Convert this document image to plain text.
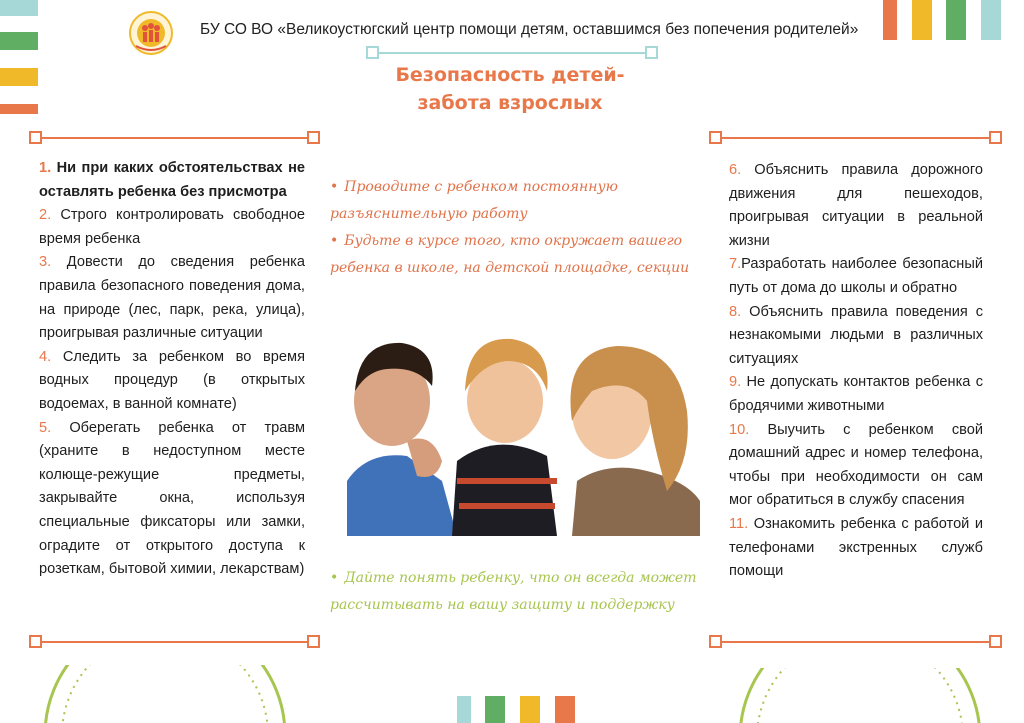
БУ СО ВО «Великоустюгский центр помощи детям, оставшимся без попечения родителей»
Безопасность детей-
забота взрослых

1. Ни при каких обстоятельствах не оставлять ребенка без присмотра

2. Строго контролировать свободное время ребенка

3. Довести до сведения ребенка правила безопасного поведения дома, на природе (лес, парк, река, улица), проигрывая различные ситуации

4. Следить за ребенком во время водных процедур (в открытых водоемах, в ванной комнате)

5. Оберегать ребенка от травм (храните в недоступном месте колюще-режущие предметы, закрывайте окна, используя специальные фиксаторы или замки, оградите от открытого доступа к розеткам, бытовой химии, лекарствам)

• Проводите с ребенком постоянную разъяснительную работу
• Будьте в курсе того, кто окружает вашего ребенка в школе, на детской площадке, секции
• Дайте понять ребенку, что он всегда может рассчитывать на вашу защиту и поддержку

6. Объяснить правила дорожного движения для пешеходов, проигрывая ситуации в реальной жизни

7.Разработать наиболее безопасный путь от дома до школы и обратно

8. Объяснить правила поведения с незнакомыми людьми в различных ситуациях

9. Не допускать контактов ребенка с бродячими животными

10. Выучить с ребенком свой домашний адрес и номер телефона, чтобы при необходимости он сам мог обратиться в службу спасения

11. Ознакомить ребенка с работой и телефонами экстренных служб помощи
